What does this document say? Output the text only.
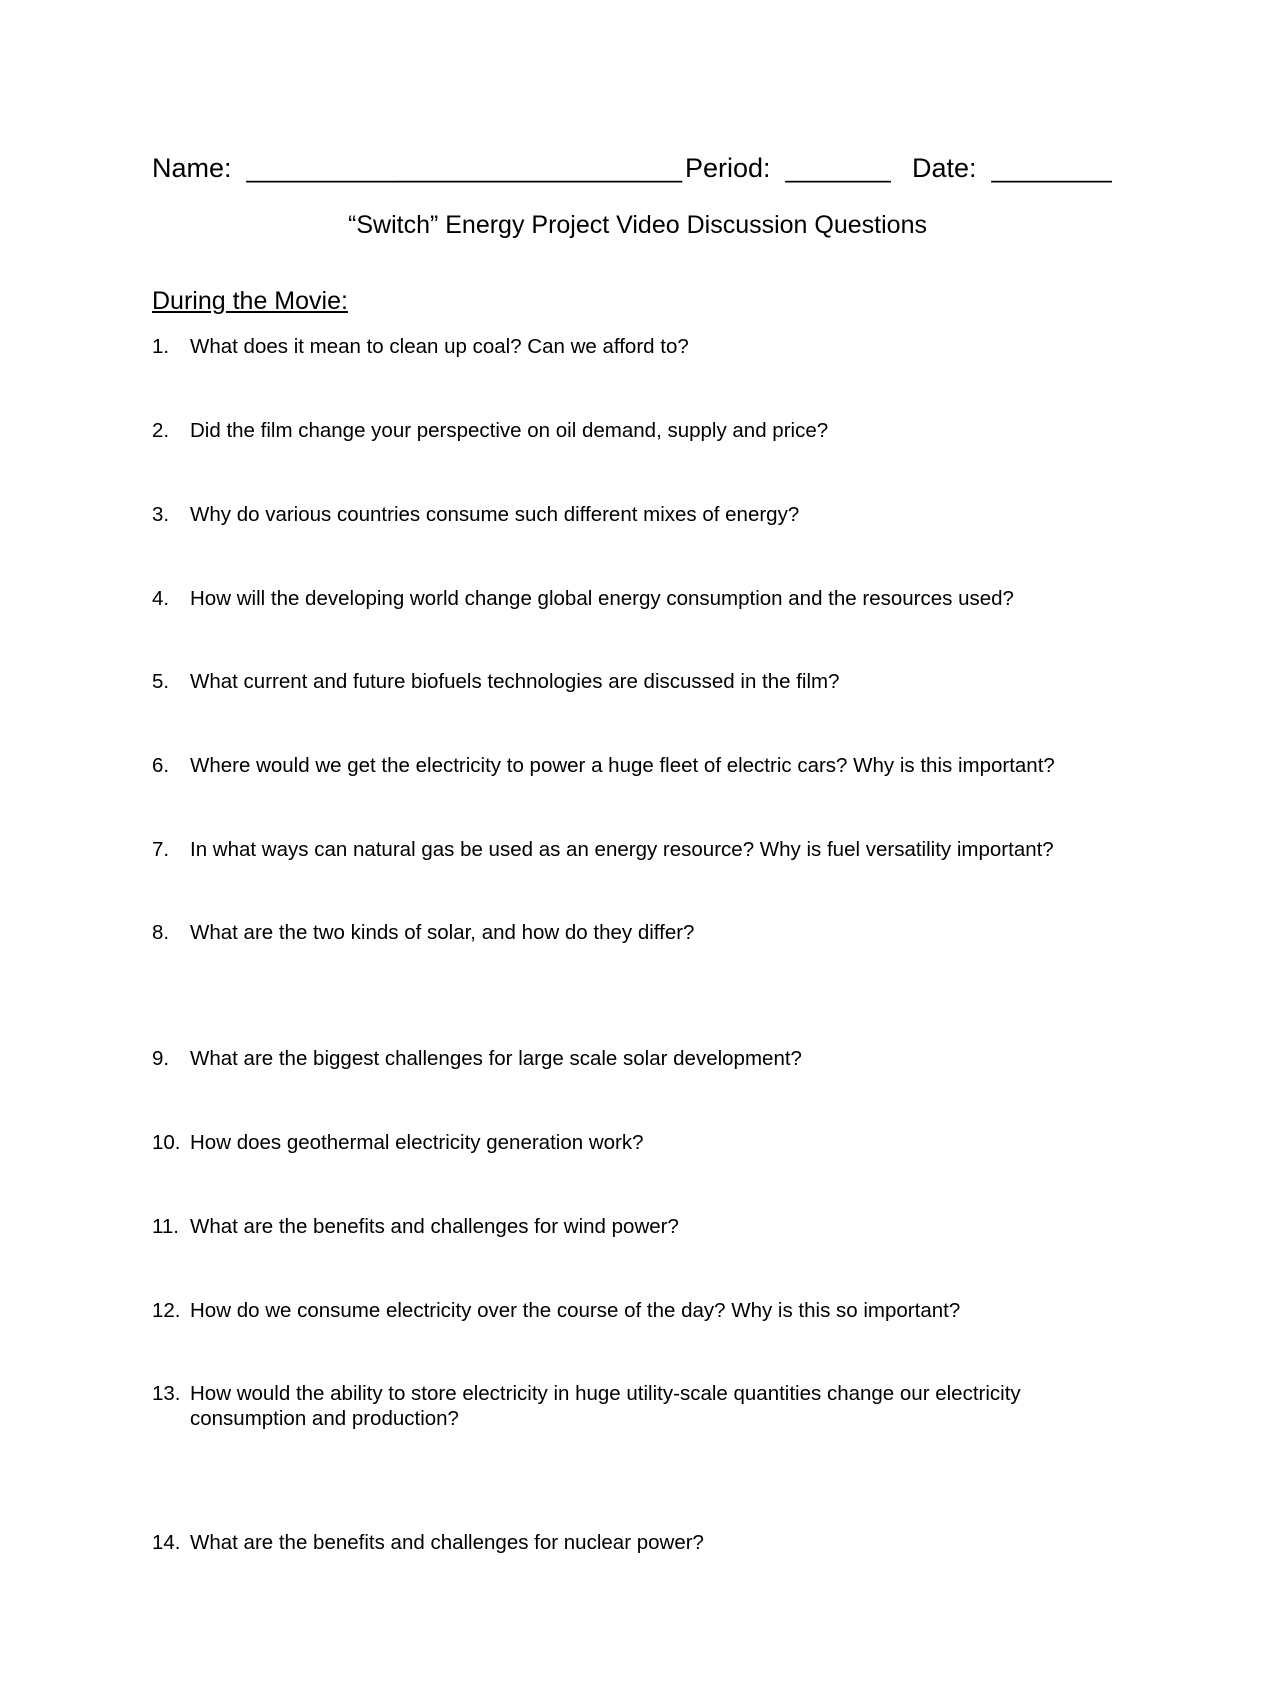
Name:  _____________________________

Period:  _______

Date:  ________

“Switch” Energy Project Video Discussion Questions
During the Movie:
1.	What does it mean to clean up coal? Can we afford to?
2.	Did the film change your perspective on oil demand, supply and price?
3.	Why do various countries consume such different mixes of energy?
4.	How will the developing world change global energy consumption and the resources used?
5.	What current and future biofuels technologies are discussed in the film?
6.	Where would we get the electricity to power a huge fleet of electric cars? Why is this important?
7.	In what ways can natural gas be used as an energy resource? Why is fuel versatility important?
8.	What are the two kinds of solar, and how do they differ?
9.	What are the biggest challenges for large scale solar development?
10. How does geothermal electricity generation work?
11. What are the benefits and challenges for wind power?
12. How do we consume electricity over the course of the day? Why is this so important?
13. How would the ability to store electricity in huge utility-scale quantities change our electricity consumption and production?
14. What are the benefits and challenges for nuclear power?
